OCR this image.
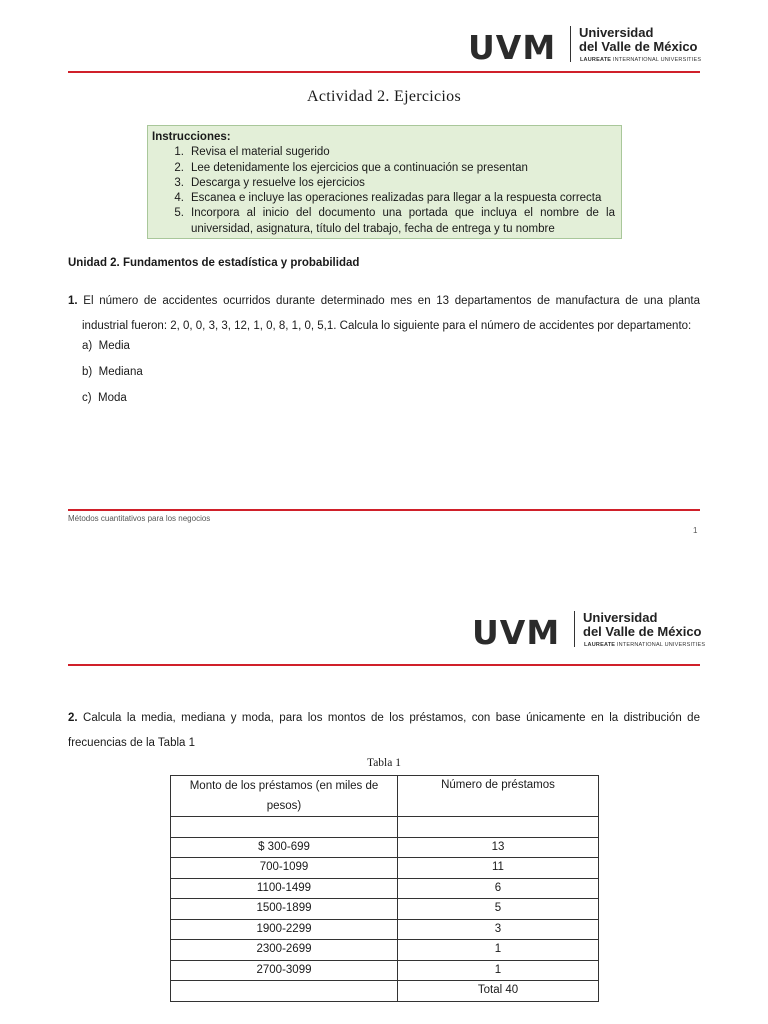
UVM Universidad
del Valle de México
LAUREATE INTERNATIONAL UNIVERSITIES
Actividad 2. Ejercicios
Instrucciones:
1. Revisa el material sugerido
2. Lee detenidamente los ejercicios que a continuación se presentan
3. Descarga y resuelve los ejercicios
4. Escanea e incluye las operaciones realizadas para llegar a la respuesta correcta
5. Incorpora al inicio del documento una portada que incluya el nombre de la universidad, asignatura, título del trabajo, fecha de entrega y tu nombre
Unidad 2. Fundamentos de estadística y probabilidad
1. El número de accidentes ocurridos durante determinado mes en 13 departamentos de manufactura de una planta
industrial fueron: 2, 0, 0, 3, 3, 12, 1, 0, 8, 1, 0, 5,1. Calcula lo siguiente para el número de accidentes por departamento:
a) Media
b) Mediana
c) Moda
Métodos cuantitativos para los negocios
1
UVM Universidad
del Valle de México
LAUREATE INTERNATIONAL UNIVERSITIES
2. Calcula la media, mediana y moda, para los montos de los préstamos, con base únicamente en la distribución de
frecuencias de la Tabla 1
Tabla 1
Monto de los préstamos (en miles de
pesos)	Número de préstamos

$ 300-699	13
700-1099	11
1100-1499	6
1500-1899	5
1900-2299	3
2300-2699	1
2700-3099	1
	Total 40
